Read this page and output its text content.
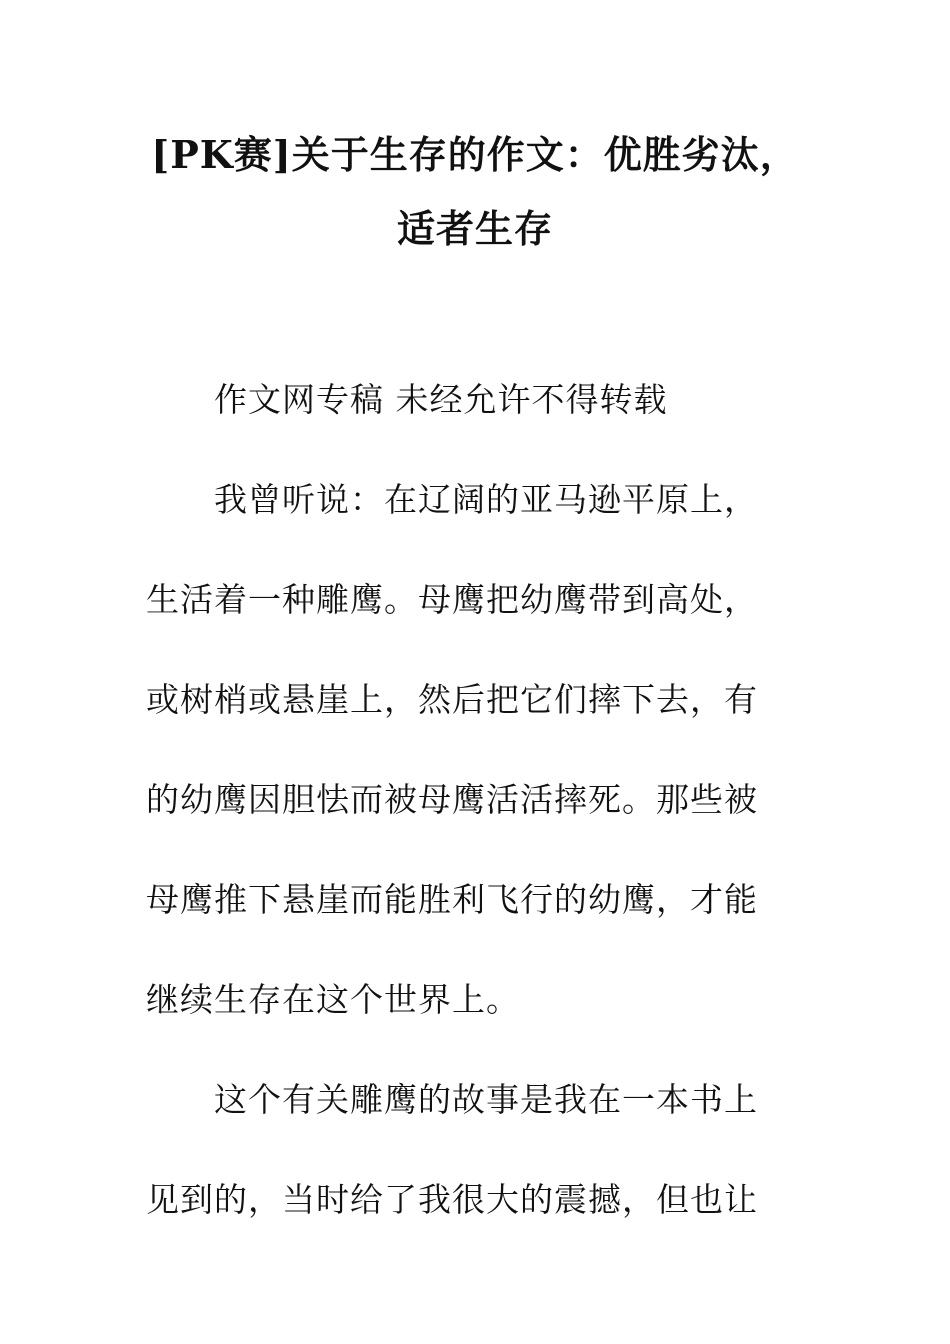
[PK赛]关于生存的作文：优胜劣汰，
适者生存
作文网专稿 未经允许不得转载
我曾听说：在辽阔的亚马逊平原上，
生活着一种雕鹰。母鹰把幼鹰带到高处，
或树梢或悬崖上，然后把它们摔下去，有
的幼鹰因胆怯而被母鹰活活摔死。那些被
母鹰推下悬崖而能胜利飞行的幼鹰，才能
继续生存在这个世界上。
这个有关雕鹰的故事是我在一本书上
见到的，当时给了我很大的震撼，但也让
